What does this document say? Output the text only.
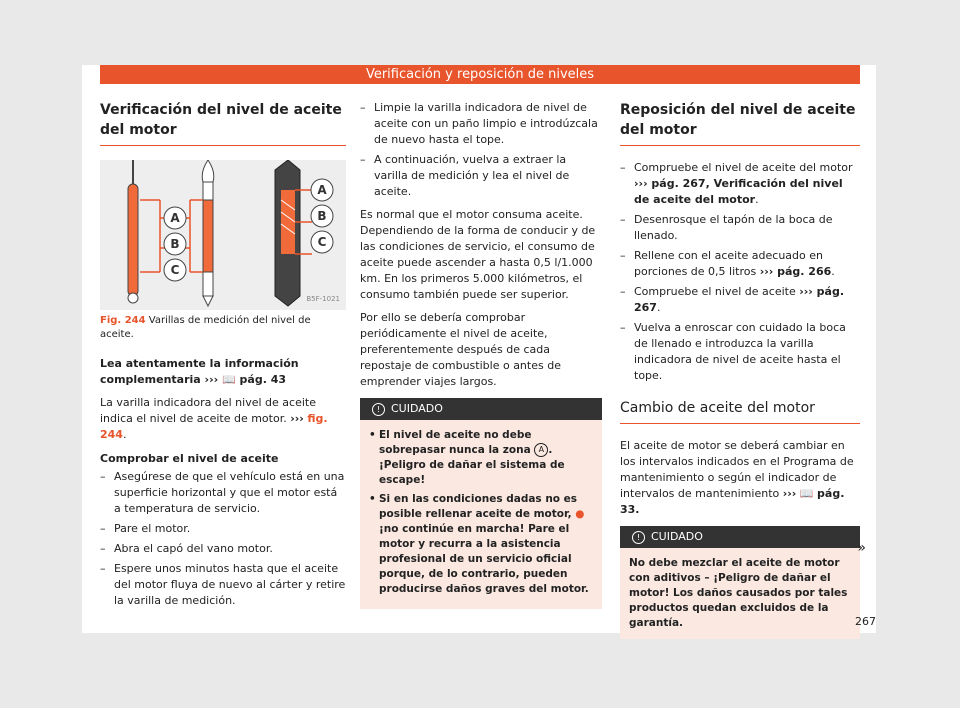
Verificación y reposición de niveles
Verificación del nivel de aceite del motor
A
B
C
A
B
C
B5F-1021
Fig. 244 Varillas de medición del nivel de aceite.

Lea atentamente la información complementaria ››› 📖 pág. 43

La varilla indicadora del nivel de aceite indica el nivel de aceite de motor. ››› fig. 244.

Comprobar el nivel de aceite
– Asegúrese de que el vehículo está en una superficie horizontal y que el motor está a temperatura de servicio.
– Pare el motor.
– Abra el capó del vano motor.
– Espere unos minutos hasta que el aceite del motor fluya de nuevo al cárter y retire la varilla de medición.
– Limpie la varilla indicadora de nivel de aceite con un paño limpio e introdúzcala de nuevo hasta el tope.
– A continuación, vuelva a extraer la varilla de medición y lea el nivel de aceite.

Es normal que el motor consuma aceite. Dependiendo de la forma de conducir y de las condiciones de servicio, el consumo de aceite puede ascender a hasta 0,5 l/1.000 km. En los primeros 5.000 kilómetros, el consumo también puede ser superior.

Por ello se debería comprobar periódicamente el nivel de aceite, preferentemente después de cada repostaje de combustible o antes de emprender viajes largos.

! CUIDADO
• El nivel de aceite no debe sobrepasar nunca la zona A . ¡Peligro de dañar el sistema de escape!
• Si en las condiciones dadas no es posible rellenar aceite de motor, ● ¡no continúe en marcha! Pare el motor y recurra a la asistencia profesional de un servicio oficial porque, de lo contrario, pueden producirse daños graves del motor.
Reposición del nivel de aceite del motor
– Compruebe el nivel de aceite del motor ››› pág. 267, Verificación del nivel de aceite del motor.
– Desenrosque el tapón de la boca de llenado.
– Rellene con el aceite adecuado en porciones de 0,5 litros ››› pág. 266.
– Compruebe el nivel de aceite ››› pág. 267.
– Vuelva a enroscar con cuidado la boca de llenado e introduzca la varilla indicadora de nivel de aceite hasta el tope.
Cambio de aceite del motor

El aceite de motor se deberá cambiar en los intervalos indicados en el Programa de mantenimiento o según el indicador de intervalos de mantenimiento ››› 📖 pág. 33.

! CUIDADO
No debe mezclar el aceite de motor con aditivos – ¡Peligro de dañar el motor! Los daños causados por tales productos quedan excluidos de la garantía.
»
267
